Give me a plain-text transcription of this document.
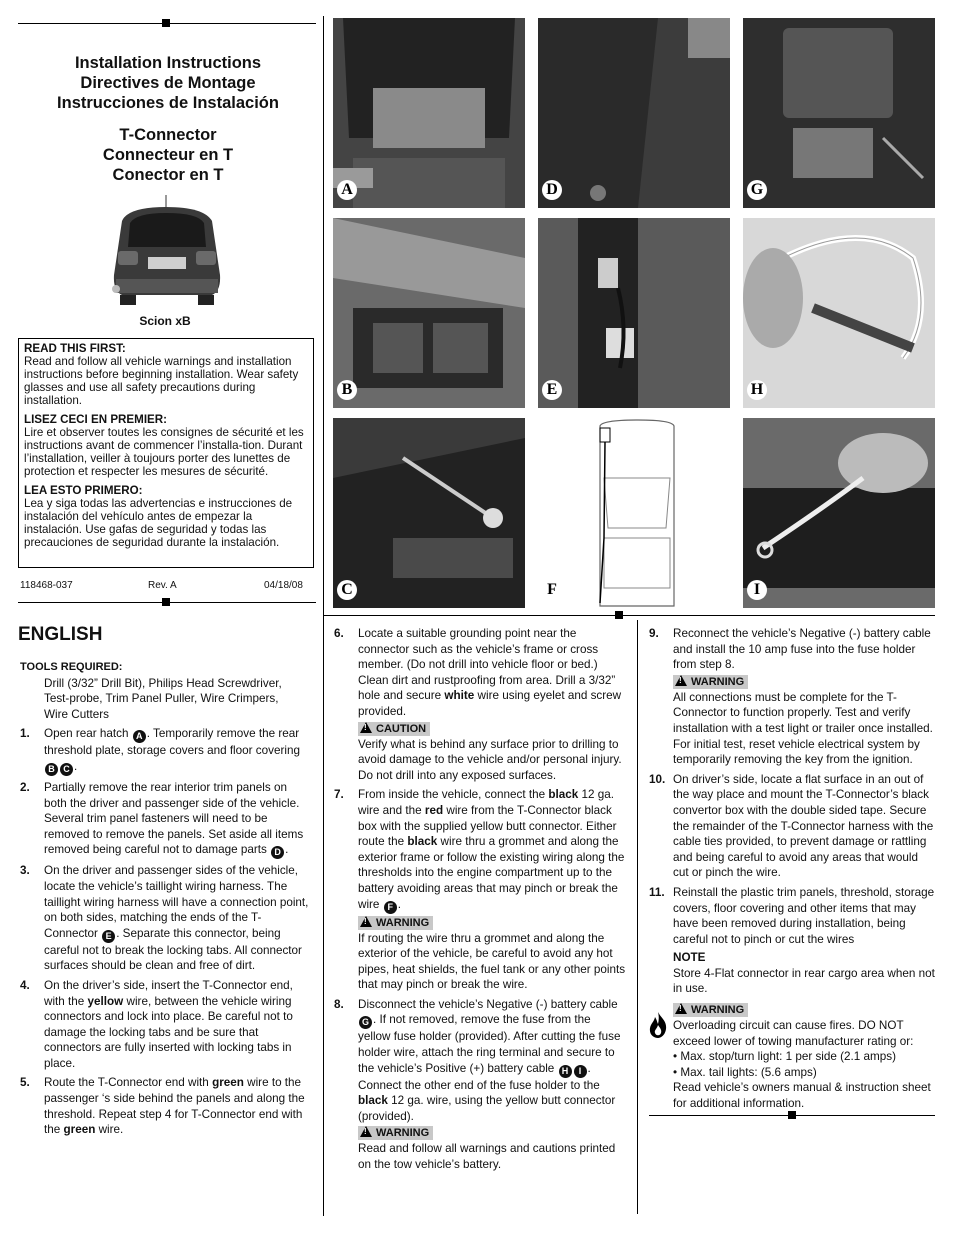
Installation Instructions
Directives de Montage
Instrucciones de Instalación
T-Connector
Connecteur en T
Conector en T
Scion xB
READ THIS FIRST:
Read and follow all vehicle warnings and installation instructions before beginning installation. Wear safety glasses and use all safety precautions during installation.
LISEZ CECI EN PREMIER:
Lire et observer toutes les consignes de sécurité et les instructions avant de commencer l’installa-tion. Durant l’installation, veiller à toujours porter des lunettes de protection et respecter les mesures de sécurité.
LEA ESTO PRIMERO:
Lea y siga todas las advertencias e instrucciones de instalación del vehículo antes de empezar la instalación. Use gafas de seguridad y todas las precauciones de seguridad durante la instalación.
118468-037	Rev. A	04/18/08
A
B
C
D
E
F
G
H
I
ENGLISH

TOOLS REQUIRED:

Drill (3/32” Drill Bit), Philips Head Screwdriver,

Test-probe, Trim Panel Puller, Wire Crimpers,

Wire Cutters

1. Open rear hatch A . Temporarily remove the rear threshold plate, storage covers and floor covering B C .
2. Partially remove the rear interior trim panels on both the driver and passenger side of the vehicle. Several trim panel fasteners will need to be removed to remove the panels. Set aside all items removed being careful not to damage parts D .
3. On the driver and passenger sides of the vehicle, locate the vehicle’s taillight wiring harness. The taillight wiring harness will have a connection point, on both sides, matching the ends of the T-Connector E . Separate this connector, being careful not to break the locking tabs. All connector surfaces should be clean and free of dirt.
4. On the driver’s side, insert the T-Connector end, with the yellow wire, between the vehicle wiring connectors and lock into place. Be careful not to damage the locking tabs and be sure that connectors are fully inserted with locking tabs in place.
5. Route the T-Connector end with green wire to the passenger ‘s side behind the panels and along the threshold. Repeat step 4 for T-Connector end with the green wire.
6. Locate a suitable grounding point near the connector such as the vehicle’s frame or cross member. (Do not drill into vehicle floor or bed.) Clean dirt and rustproofing from area. Drill a 3/32” hole and secure white wire using eyelet and screw provided.
!CAUTION
Verify what is behind any surface prior to drilling to avoid damage to the vehicle and/or personal injury. Do not drill into any exposed surfaces.
7. From inside the vehicle, connect the black 12 ga. wire and the red wire from the T-Connector black box with the supplied yellow butt connector. Either route the black wire thru a grommet and along the exterior frame or follow the existing wiring along the thresholds into the engine compartment up to the battery avoiding areas that may pinch or break the wire F .
!WARNING
If routing the wire thru a grommet and along the exterior of the vehicle, be careful to avoid any hot pipes, heat shields, the fuel tank or any other points that may pinch or break the wire.
8. Disconnect the vehicle’s Negative (-) battery cable G . If not removed, remove the fuse from the yellow fuse holder (provided). After cutting the fuse holder wire, attach the ring terminal and secure to the vehicle’s Positive (+) battery cable H I . Connect the other end of the fuse holder to the black 12 ga. wire, using the yellow butt connector (provided).
!WARNING
Read and follow all warnings and cautions printed on the tow vehicle’s battery.
9. Reconnect the vehicle’s Negative (-) battery cable and install the 10 amp fuse into the fuse holder from step 8.
!WARNING
All connections must be complete for the T-Connector to function properly. Test and verify installation with a test light or trailer once installed. For initial test, reset vehicle electrical system by temporarily removing the key from the ignition.
10. On driver’s side, locate a flat surface in an out of the way place and mount the T-Connector’s black convertor box with the double sided tape. Secure the remainder of the T-Connector harness with the cable ties provided, to prevent damage or rattling and being careful to avoid any areas that would cut or pinch the wire.
11. Reinstall the plastic trim panels, threshold, storage covers, floor covering and other items that may have been removed during installation, being careful not to pinch or cut the wires
NOTE
Store 4-Flat connector in rear cargo area when not in use.
!WARNING
Overloading circuit can cause fires. DO NOT exceed lower of towing manufacturer rating or:
• Max. stop/turn light: 1 per side (2.1 amps)
• Max. tail lights: (5.6 amps)
Read vehicle’s owners manual & instruction sheet for additional information.
